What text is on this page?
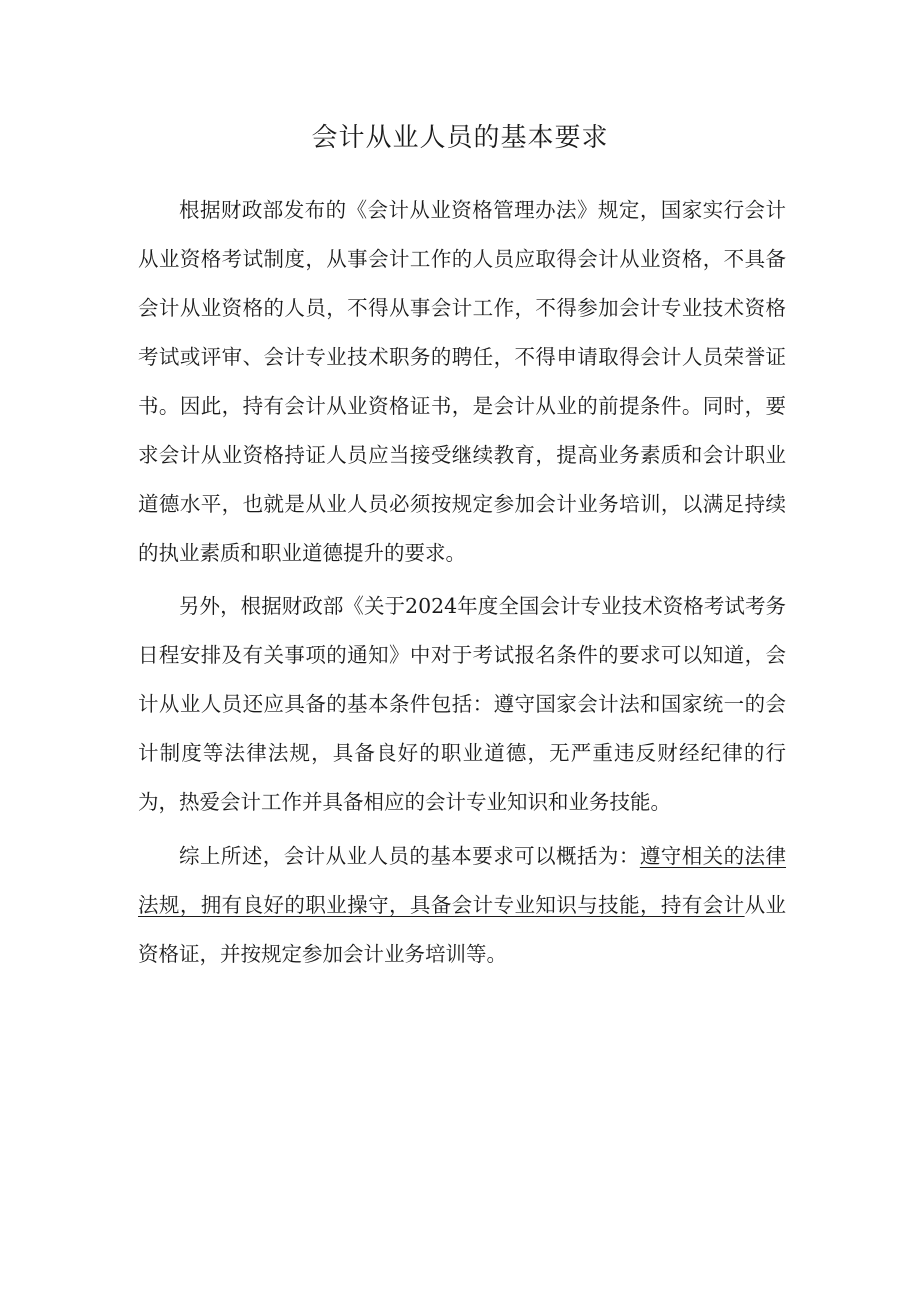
会计从业人员的基本要求

根据财政部发布的《会计从业资格管理办法》规定，国家实行会计从业资格考试制度，从事会计工作的人员应取得会计从业资格，不具备会计从业资格的人员，不得从事会计工作，不得参加会计专业技术资格考试或评审、会计专业技术职务的聘任，不得申请取得会计人员荣誉证书。因此，持有会计从业资格证书，是会计从业的前提条件。同时，要求会计从业资格持证人员应当接受继续教育，提高业务素质和会计职业道德水平，也就是从业人员必须按规定参加会计业务培训，以满足持续的执业素质和职业道德提升的要求。

另外，根据财政部《关于2024年度全国会计专业技术资格考试考务日程安排及有关事项的通知》中对于考试报名条件的要求可以知道，会计从业人员还应具备的基本条件包括：遵守国家会计法和国家统一的会计制度等法律法规，具备良好的职业道德，无严重违反财经纪律的行为，热爱会计工作并具备相应的会计专业知识和业务技能。

综上所述，会计从业人员的基本要求可以概括为：遵守相关的法律法规，拥有良好的职业操守，具备会计专业知识与技能，持有会计从业资格证，并按规定参加会计业务培训等。
